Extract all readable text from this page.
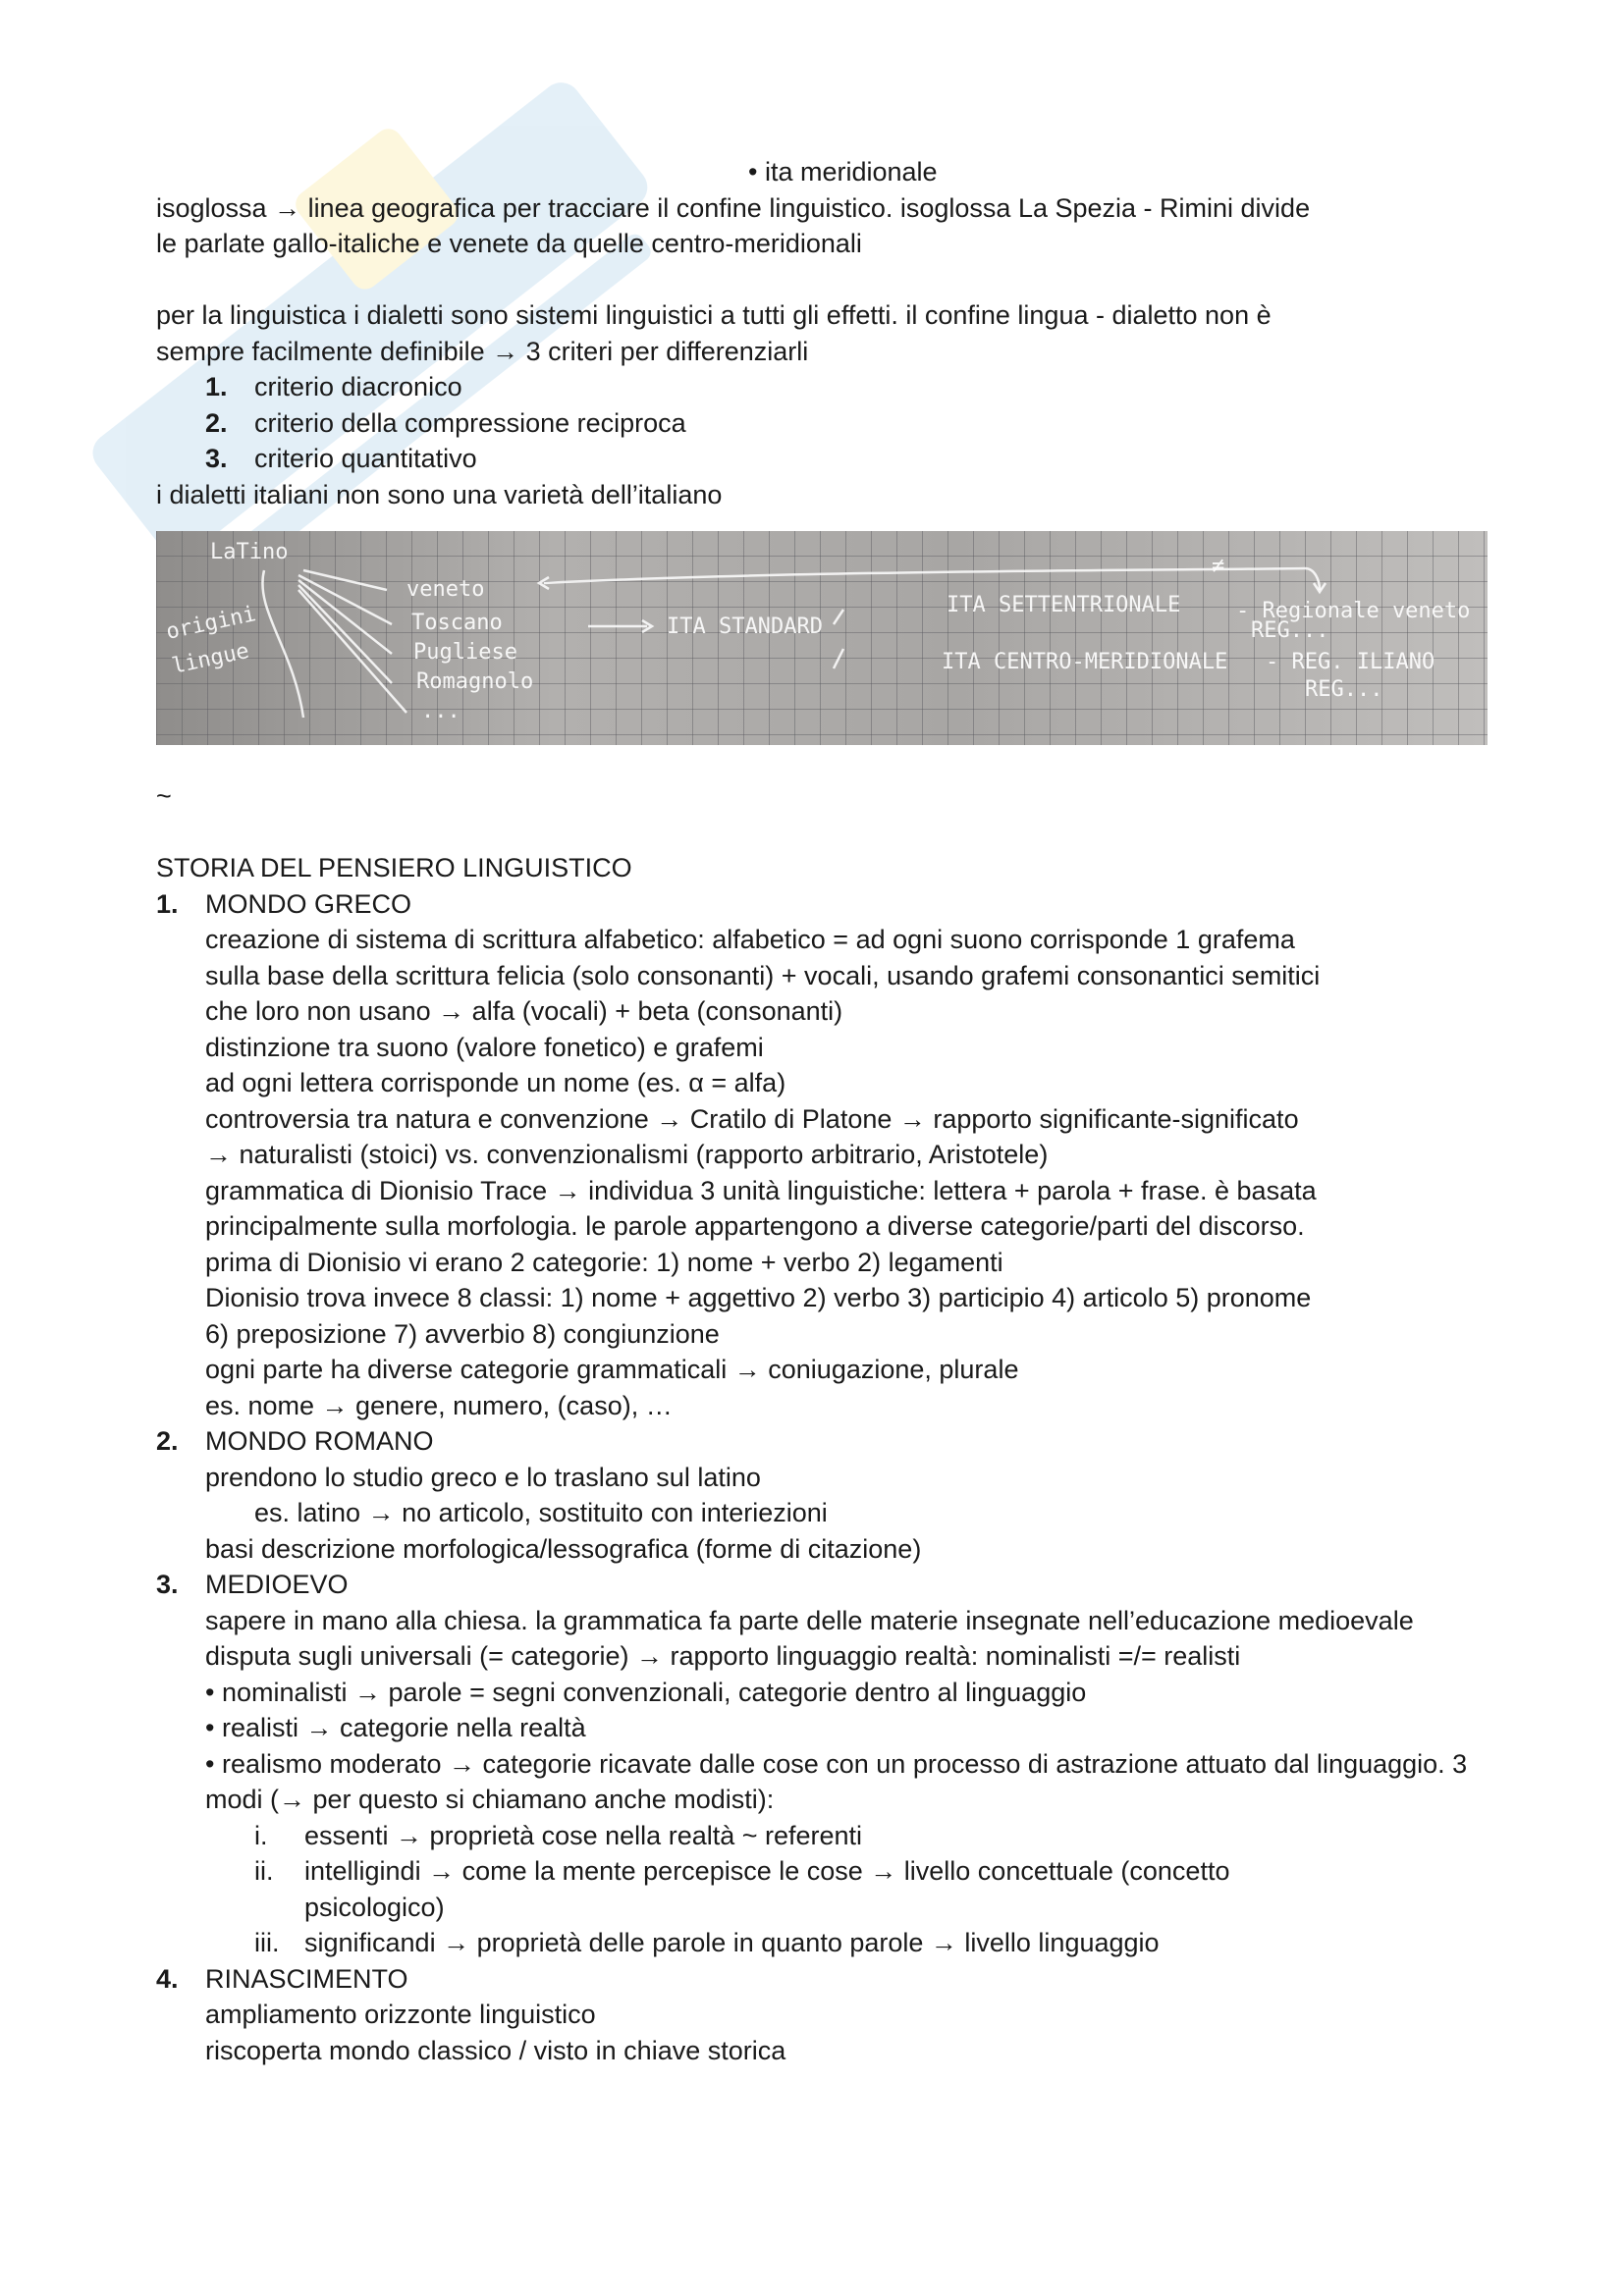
• ita meridionale
isoglossa → linea geografica per tracciare il confine linguistico. isoglossa La Spezia - Rimini divide
le parlate gallo-italiche e venete da quelle centro-meridionali
per la linguistica i dialetti sono sistemi linguistici a tutti gli effetti. il confine lingua - dialetto non è
sempre facilmente definibile → 3 criteri per differenziarli
1.	criterio diacronico
2.	criterio della compressione reciproca
3.	criterio quantitativo
i dialetti italiani non sono una varietà dell’italiano
LaTino
origini
lingue
veneto
Toscano
Pugliese
Romagnolo
...
ITA STANDARD
ITA SETTENTRIONALE
ITA CENTRO-MERIDIONALE
- Regionale veneto
REG...
- REG. ILIANO
REG...
≠
~
STORIA DEL PENSIERO LINGUISTICO
1.	MONDO GRECO
creazione di sistema di scrittura alfabetico: alfabetico = ad ogni suono corrisponde 1 grafema
sulla base della scrittura felicia (solo consonanti) + vocali, usando grafemi consonantici semitici
che loro non usano → alfa (vocali) + beta (consonanti)
distinzione tra suono (valore fonetico) e grafemi
ad ogni lettera corrisponde un nome (es. α = alfa)
controversia tra natura e convenzione → Cratilo di Platone → rapporto significante-significato
→ naturalisti (stoici) vs. convenzionalismi (rapporto arbitrario, Aristotele)
grammatica di Dionisio Trace → individua 3 unità linguistiche: lettera + parola + frase. è basata
principalmente sulla morfologia. le parole appartengono a diverse categorie/parti del discorso.
prima di Dionisio vi erano 2 categorie: 1) nome + verbo 2) legamenti
Dionisio trova invece 8 classi: 1) nome + aggettivo 2) verbo 3) participio 4) articolo 5) pronome
6) preposizione 7) avverbio 8) congiunzione
ogni parte ha diverse categorie grammaticali → coniugazione, plurale
es. nome → genere, numero, (caso), …
2.	MONDO ROMANO
prendono lo studio greco e lo traslano sul latino
es. latino → no articolo, sostituito con interiezioni
basi descrizione morfologica/lessografica (forme di citazione)
3.	MEDIOEVO
sapere in mano alla chiesa. la grammatica fa parte delle materie insegnate nell’educazione medioevale
disputa sugli universali (= categorie) → rapporto linguaggio realtà: nominalisti =/= realisti
• nominalisti → parole = segni convenzionali, categorie dentro al linguaggio
• realisti → categorie nella realtà
• realismo moderato → categorie ricavate dalle cose con un processo di astrazione attuato dal linguaggio. 3 modi (→ per questo si chiamano anche modisti):
i.	essenti → proprietà cose nella realtà ~ referenti
ii.	intelligindi → come la mente percepisce le cose → livello concettuale (concetto psicologico)
iii. significandi → proprietà delle parole in quanto parole → livello linguaggio
4.	RINASCIMENTO
ampliamento orizzonte linguistico
riscoperta mondo classico / visto in chiave storica
